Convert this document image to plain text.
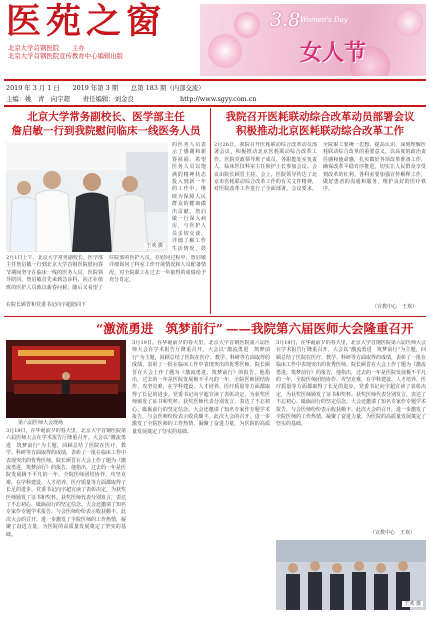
医苑之窗
北京大学首钢医院　　主办
北京大学首钢医院宣传教育中心编辑出版
3.8 Women's Day
女人节
2019 年 3 月 1 日　　2019 年第 3 期　　总第 183 期（内部交流）
主编：姚　青　向宇超　　责任编辑：刘金良	http://www.sgyy.com.cn
北京大学常务副校长、医学部主任
詹启敏一行到我院慰问临床一线医务人员
王欢 摄
的医务人员表示了感谢和新春祝福，希望医务人员以饱满的精神状态投入到新一年的工作中，继续为保障人民群众的健康做出贡献。詹启敏一行深入病房，与医护人员亲切交谈，详细了解工作生活情况，鼓
2月1日上午，北京大学常务副校长、医学部主任詹启敏一行到北京大学首钢医院慰问春节期间坚守在临床一线的医务人员，医院领导陪同。詹启敏首先来到急诊科，向正在值班的医护人员致以新春问候，随后又看望了住院部的医护人员。在慰问过程中，詹启敏详细询问了科室工作开展情况和人员配备情况，对全院职工在过去一年取得的成绩给予充分肯定。
在院长顾晋和党委书记向宇超陪同下
我院召开医耗联动综合改革动员部署会议
积极推动北京医耗联动综合改革工作
2月26日，我院召开医耗联动综合改革动员部署会议，积极推动北京医耗联动综合改革工作。医院党政领导班子成员、各职能处室负责人、临床医技科室主任和护士长参加会议。会议由院长顾晋主持。会上，医院领导传达了北京市医耗联动综合改革工作的有关文件精神，对医院改革工作进行了全面部署。会议要求，全院职工要统一思想、提高认识，深刻理解医耗联动综合改革的重要意义，以高度的政治责任感和使命感，扎实做好各项改革准备工作，确保改革平稳有序推进，切实让人民群众享受到改革的红利。各科室要加强宣传解释工作，做好患者的沟通和服务，维护良好的医疗秩序。
（宣教中心　王欢）
“激流勇进　筑梦前行” ——我院第六届医师大会隆重召开
第六届医师大会现场
3月19日，在华诞前夕的春天里，北京大学首钢医院第六届医师大会在学术报告厅隆重召开。大会以“激流勇进　筑梦前行”为主题，回顾总结了医院在医疗、教学、科研等方面取得的成绩，表彰了一批在临床工作中表现突出的优秀医师。院长顾晋在大会上作了题为《激流勇进，筑梦前行》的报告，他指出，过去的一年是医院发展极不平凡的一年，全院医师团结协作、攻坚克难，在学科建设、人才培养、医疗质量等方面都取得了长足的进步。党委书记向宇超宣读了表彰决定，为获奖医师颁发了证书和奖杯。获奖医师代表分别发言，表达了不忘初心、砥砺前行的坚定信念。大会还邀请了知名专家作专题学术报告，与会医师纷纷表示收获颇丰。此次大会的召开，进一步激发了全院医师的工作热情，凝聚了奋进力量，为医院的高质量发展奠定了坚实的基础。
3月19日，在华诞前夕的春天里，北京大学首钢医院第六届医师大会在学术报告厅隆重召开。大会以“激流勇进　筑梦前行”为主题，回顾总结了医院在医疗、教学、科研等方面取得的成绩，表彰了一批在临床工作中表现突出的优秀医师。院长顾晋在大会上作了题为《激流勇进，筑梦前行》的报告，他指出，过去的一年是医院发展极不平凡的一年，全院医师团结协作、攻坚克难，在学科建设、人才培养、医疗质量等方面都取得了长足的进步。党委书记向宇超宣读了表彰决定，为获奖医师颁发了证书和奖杯。获奖医师代表分别发言，表达了不忘初心、砥砺前行的坚定信念。大会还邀请了知名专家作专题学术报告，与会医师纷纷表示收获颇丰。此次大会的召开，进一步激发了全院医师的工作热情，凝聚了奋进力量，为医院的高质量发展奠定了坚实的基础。
3月19日，在华诞前夕的春天里，北京大学首钢医院第六届医师大会在学术报告厅隆重召开。大会以“激流勇进　筑梦前行”为主题，回顾总结了医院在医疗、教学、科研等方面取得的成绩，表彰了一批在临床工作中表现突出的优秀医师。院长顾晋在大会上作了题为《激流勇进，筑梦前行》的报告，他指出，过去的一年是医院发展极不平凡的一年，全院医师团结协作、攻坚克难，在学科建设、人才培养、医疗质量等方面都取得了长足的进步。党委书记向宇超宣读了表彰决定，为获奖医师颁发了证书和奖杯。获奖医师代表分别发言，表达了不忘初心、砥砺前行的坚定信念。大会还邀请了知名专家作专题学术报告，与会医师纷纷表示收获颇丰。此次大会的召开，进一步激发了全院医师的工作热情，凝聚了奋进力量，为医院的高质量发展奠定了坚实的基础。
（宣教中心　王欢）
王欢 摄
